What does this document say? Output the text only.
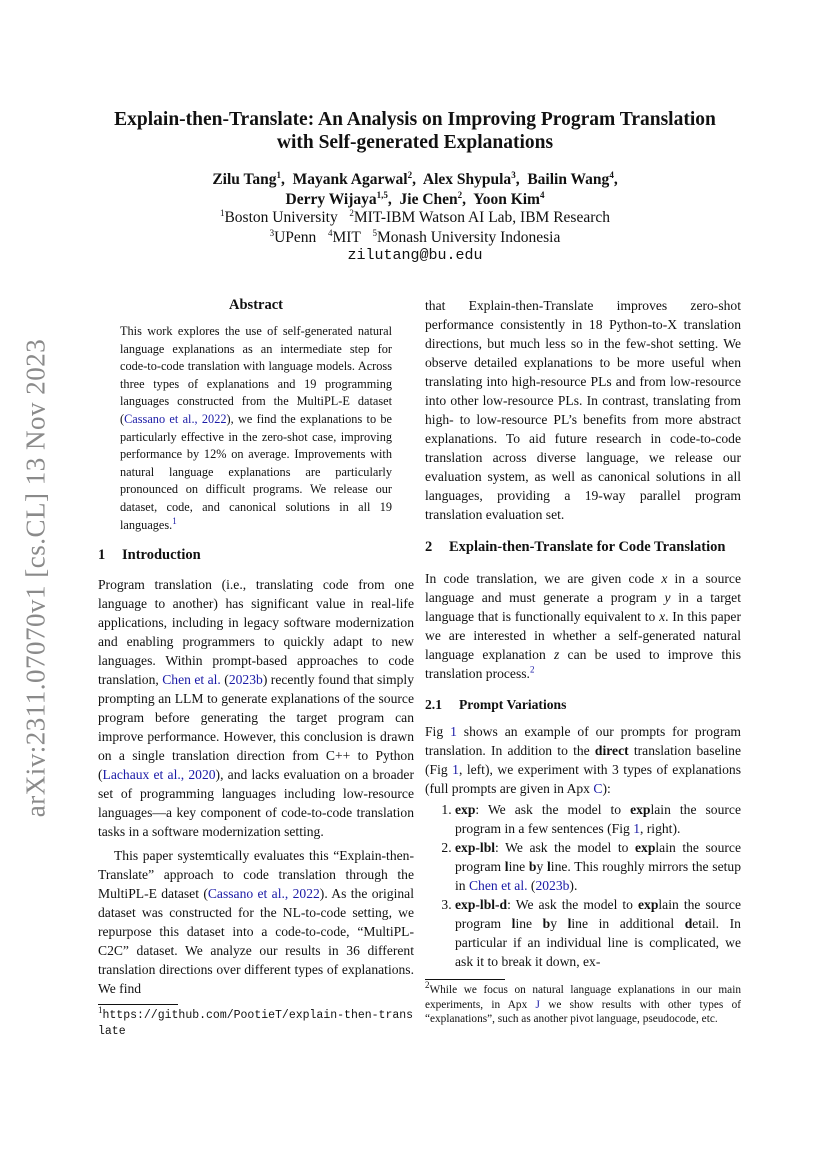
arXiv:2311.07070v1 [cs.CL] 13 Nov 2023
Explain-then-Translate: An Analysis on Improving Program Translation
with Self-generated Explanations
Zilu Tang$^1$,  Mayank Agarwal$^2$,  Alex Shypula$^3$,  Bailin Wang$^4$,
Derry Wijaya$^{1,5}$,  Jie Chen$^2$,  Yoon Kim$^4$
$^1$Boston University $^2$MIT-IBM Watson AI Lab, IBM Research
$^3$UPenn $^4$MIT $^5$Monash University Indonesia
zilutang@bu.edu
Abstract
This work explores the use of self-generated natural language explanations as an intermediate step for code-to-code translation with language models. Across three types of explanations and 19 programming languages constructed from the MultiPL-E dataset (Cassano et al., 2022), we find the explanations to be particularly effective in the zero-shot case, improving performance by 12% on average. Improvements with natural language explanations are particularly pronounced on difficult programs. We release our dataset, code, and canonical solutions in all 19 languages.$^1$
1	Introduction

Program translation (i.e., translating code from one language to another) has significant value in real-life applications, including in legacy software modernization and enabling programmers to quickly adapt to new languages. Within prompt-based approaches to code translation, Chen et al. (2023b) recently found that simply prompting an LLM to generate explanations of the source program before generating the target program can improve performance. However, this conclusion is drawn on a single translation direction from C++ to Python (Lachaux et al., 2020), and lacks evaluation on a broader set of programming languages including low-resource languages—a key component of code-to-code translation tasks in a software modernization setting.

This paper systemtically evaluates this “Explain-then-Translate” approach to code translation through the MultiPL-E dataset (Cassano et al., 2022). As the original dataset was constructed for the NL-to-code setting, we repurpose this dataset into a code-to-code, “MultiPL-C2C” dataset. We analyze our results in 36 different translation directions over different types of explanations. We find

$^1$https://github.com/PootieT/explain-then-translate

that Explain-then-Translate improves zero-shot performance consistently in 18 Python-to-X translation directions, but much less so in the few-shot setting. We observe detailed explanations to be more useful when translating into high-resource PLs and from low-resource into other low-resource PLs. In contrast, translating from high- to low-resource PL’s benefits from more abstract explanations. To aid future research in code-to-code translation across diverse language, we release our evaluation system, as well as canonical solutions in all languages, providing a 19-way parallel program translation evaluation set.

2	Explain-then-Translate for Code Translation

In code translation, we are given code x in a source language and must generate a program y in a target language that is functionally equivalent to x. In this paper we are interested in whether a self-generated natural language explanation z can be used to improve this translation process.$^2$

2.1	Prompt Variations

Fig 1 shows an example of our prompts for program translation. In addition to the direct translation baseline (Fig 1, left), we experiment with 3 types of explanations (full prompts are given in Apx C):

1. exp: We ask the model to explain the source program in a few sentences (Fig 1, right).
2. exp-lbl: We ask the model to explain the source program line by line. This roughly mirrors the setup in Chen et al. (2023b).
3. exp-lbl-d: We ask the model to explain the source program line by line in additional detail. In particular if an individual line is complicated, we ask it to break it down, ex-
$^2$While we focus on natural language explanations in our main experiments, in Apx J we show results with other types of “explanations”, such as another pivot language, pseudocode, etc.
